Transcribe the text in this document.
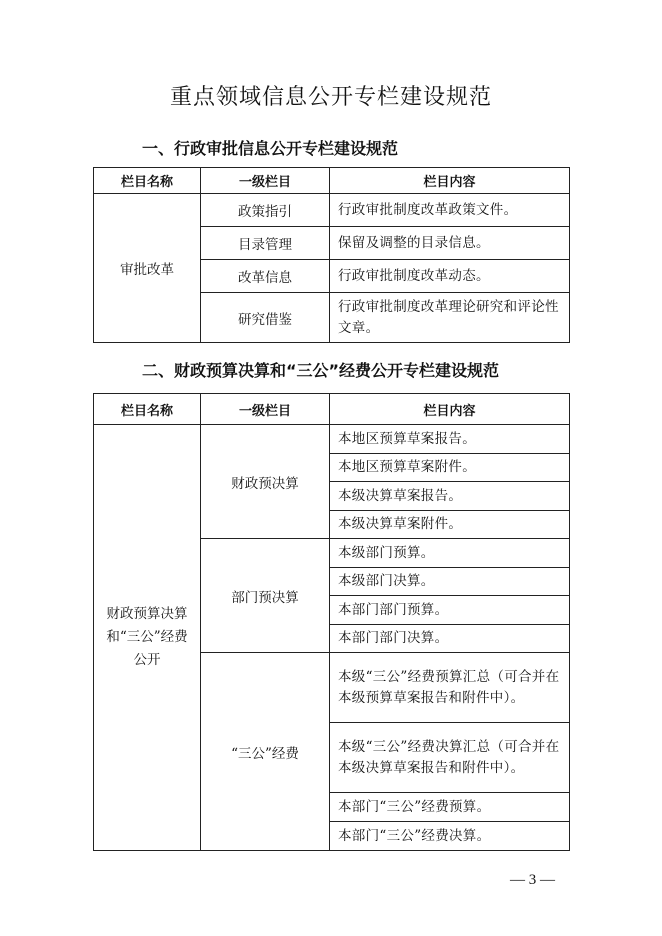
重点领域信息公开专栏建设规范
一、行政审批信息公开专栏建设规范
栏目名称	一级栏目	栏目内容
审批改革	政策指引	行政审批制度改革政策文件。
	目录管理	保留及调整的目录信息。
	改革信息	行政审批制度改革动态。
	研究借鉴	行政审批制度改革理论研究和评论性文章。
二、财政预算决算和“三公”经费公开专栏建设规范
栏目名称	一级栏目	栏目内容
财政预算决算和“三公”经费公开	财政预决算	本地区预算草案报告。
		本地区预算草案附件。
		本级决算草案报告。
		本级决算草案附件。
	部门预决算	本级部门预算。
		本级部门决算。
		本部门部门预算。
		本部门部门决算。
	“三公”经费	本级“三公”经费预算汇总（可合并在本级预算草案报告和附件中）。
		本级“三公”经费决算汇总（可合并在本级决算草案报告和附件中）。
		本部门“三公”经费预算。
		本部门“三公”经费决算。
— 3 —
